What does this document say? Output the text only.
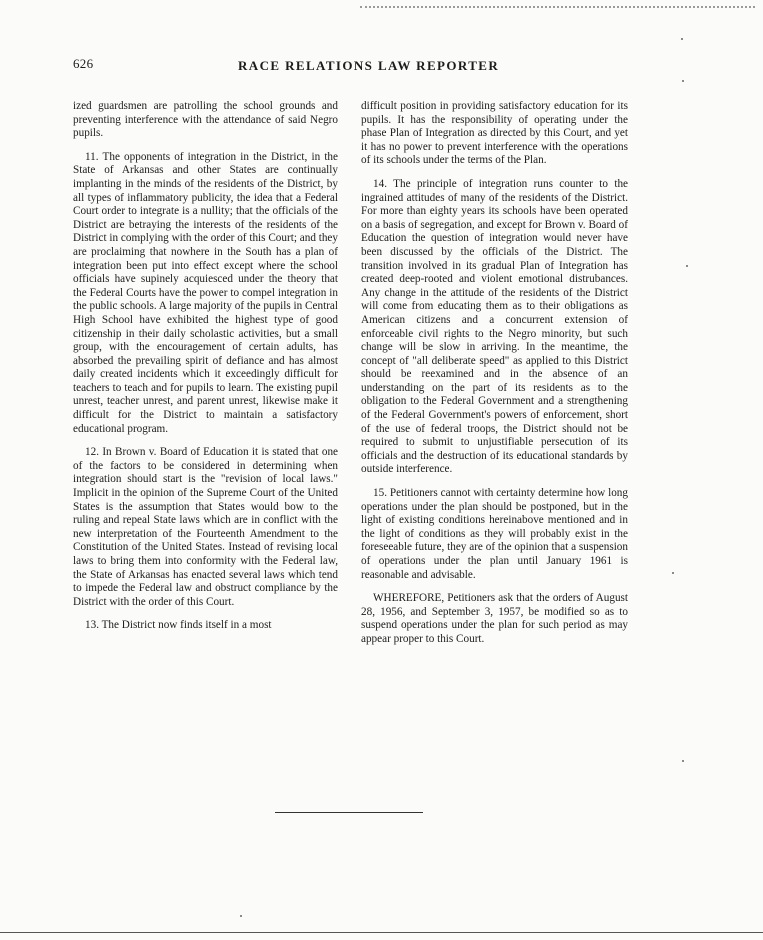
626	RACE RELATIONS LAW REPORTER

ized guardsmen are patrolling the school grounds and preventing interference with the attendance of said Negro pupils.

11. The opponents of integration in the District, in the State of Arkansas and other States are continually implanting in the minds of the residents of the District, by all types of inflammatory publicity, the idea that a Federal Court order to integrate is a nullity; that the officials of the District are betraying the interests of the residents of the District in complying with the order of this Court; and they are proclaiming that nowhere in the South has a plan of integration been put into effect except where the school officials have supinely acquiesced under the theory that the Federal Courts have the power to compel integration in the public schools. A large majority of the pupils in Central High School have exhibited the highest type of good citizenship in their daily scholastic activities, but a small group, with the encouragement of certain adults, has absorbed the prevailing spirit of defiance and has almost daily created incidents which it exceedingly difficult for teachers to teach and for pupils to learn. The existing pupil unrest, teacher unrest, and parent unrest, likewise make it difficult for the District to maintain a satisfactory educational program.

12. In Brown v. Board of Education it is stated that one of the factors to be considered in determining when integration should start is the "revision of local laws." Implicit in the opinion of the Supreme Court of the United States is the assumption that States would bow to the ruling and repeal State laws which are in conflict with the new interpretation of the Fourteenth Amendment to the Constitution of the United States. Instead of revising local laws to bring them into conformity with the Federal law, the State of Arkansas has enacted several laws which tend to impede the Federal law and obstruct compliance by the District with the order of this Court.

13. The District now finds itself in a most

difficult position in providing satisfactory education for its pupils. It has the responsibility of operating under the phase Plan of Integration as directed by this Court, and yet it has no power to prevent interference with the operations of its schools under the terms of the Plan.

14. The principle of integration runs counter to the ingrained attitudes of many of the residents of the District. For more than eighty years its schools have been operated on a basis of segregation, and except for Brown v. Board of Education the question of integration would never have been discussed by the officials of the District. The transition involved in its gradual Plan of Integration has created deep-rooted and violent emotional distrubances. Any change in the attitude of the residents of the District will come from educating them as to their obligations as American citizens and a concurrent extension of enforceable civil rights to the Negro minority, but such change will be slow in arriving. In the meantime, the concept of "all deliberate speed" as applied to this District should be reexamined and in the absence of an understanding on the part of its residents as to the obligation to the Federal Government and a strengthening of the Federal Government's powers of enforcement, short of the use of federal troops, the District should not be required to submit to unjustifiable persecution of its officials and the destruction of its educational standards by outside interference.

15. Petitioners cannot with certainty determine how long operations under the plan should be postponed, but in the light of existing conditions hereinabove mentioned and in the light of conditions as they will probably exist in the foreseeable future, they are of the opinion that a suspension of operations under the plan until January 1961 is reasonable and advisable.

WHEREFORE, Petitioners ask that the orders of August 28, 1956, and September 3, 1957, be modified so as to suspend operations under the plan for such period as may appear proper to this Court.
